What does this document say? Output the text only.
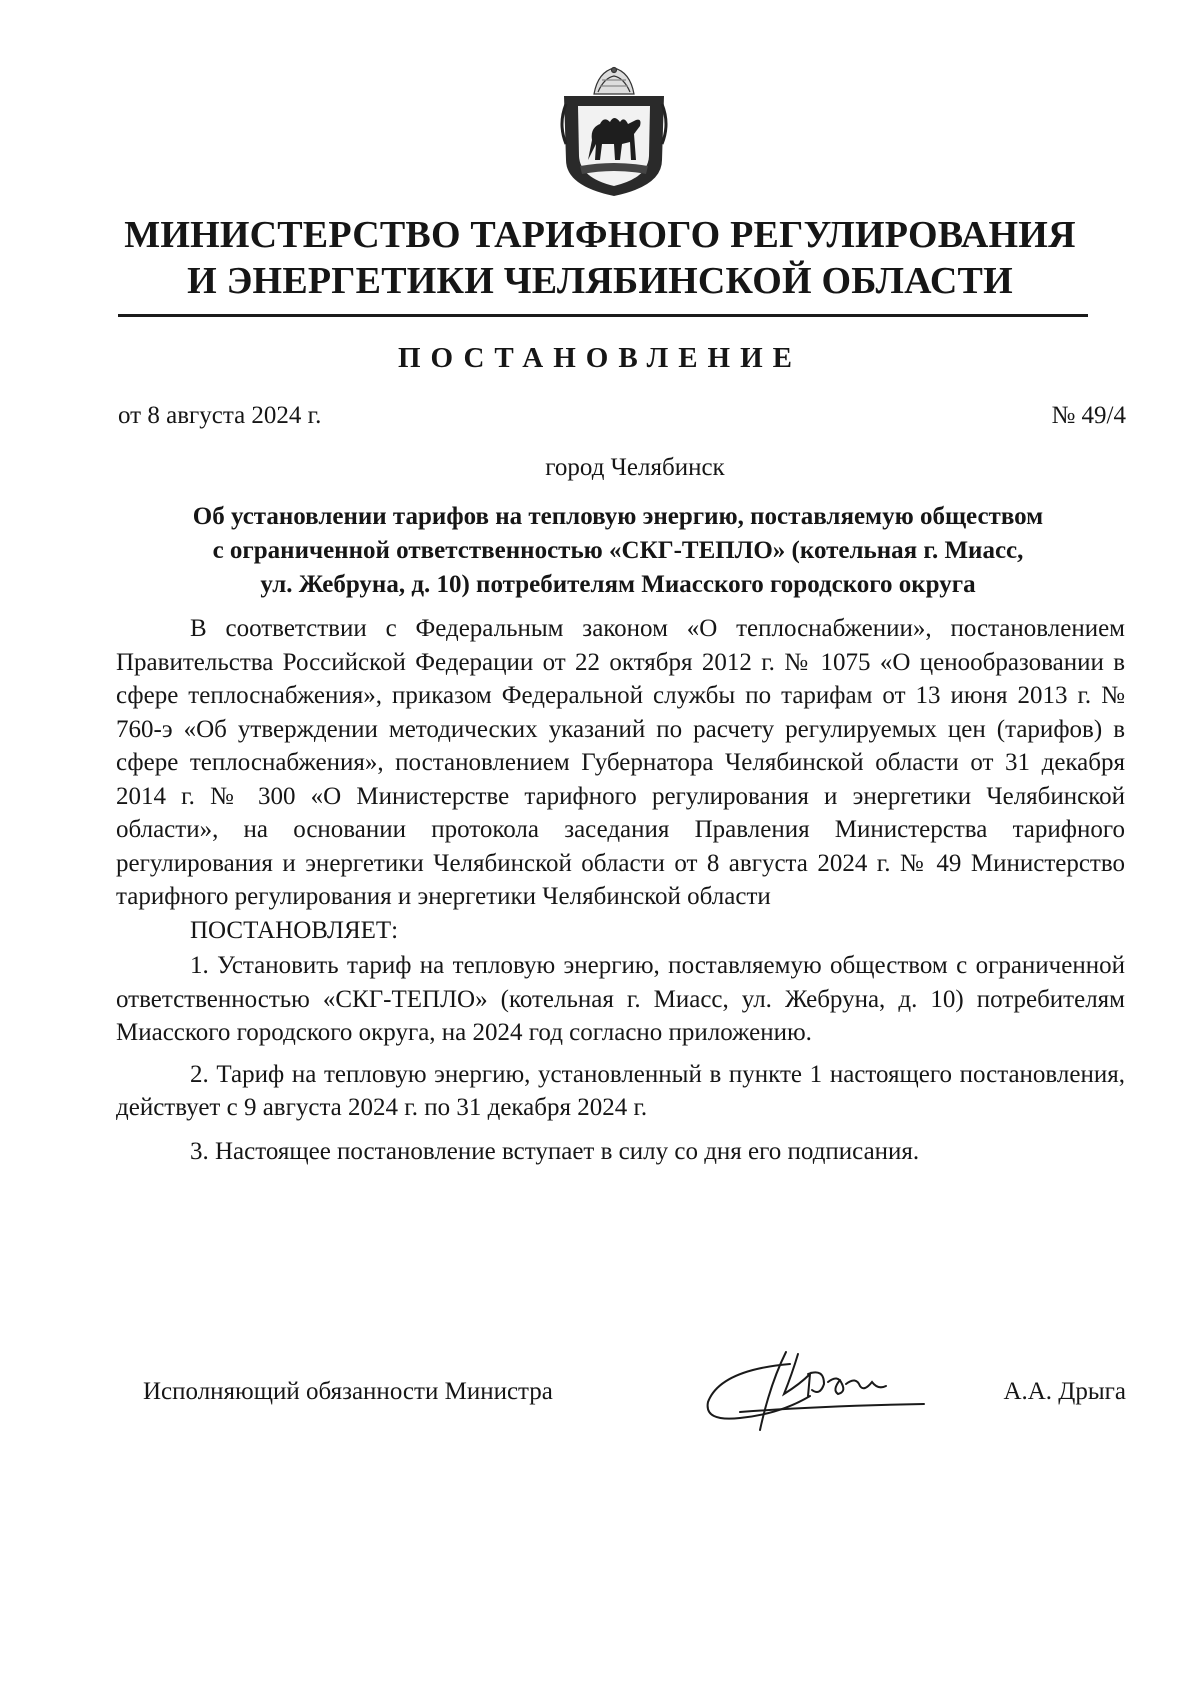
МИНИСТЕРСТВО ТАРИФНОГО РЕГУЛИРОВАНИЯ
И ЭНЕРГЕТИКИ ЧЕЛЯБИНСКОЙ ОБЛАСТИ
ПОСТАНОВЛЕНИЕ
от 8 августа 2024 г.	№ 49/4
город Челябинск
Об установлении тарифов на тепловую энергию, поставляемую обществом
с ограниченной ответственностью «СКГ-ТЕПЛО» (котельная г. Миасс,
ул. Жебруна, д. 10) потребителям Миасского городского округа

В соответствии с Федеральным законом «О теплоснабжении», постановлением Правительства Российской Федерации от 22 октября 2012 г. № 1075 «О ценообразовании в сфере теплоснабжения», приказом Федеральной службы по тарифам от 13 июня 2013 г. № 760-э «Об утверждении методических указаний по расчету регулируемых цен (тарифов) в сфере теплоснабжения», постановлением Губернатора Челябинской области от 31 декабря 2014 г. № 300 «О Министерстве тарифного регулирования и энергетики Челябинской области», на основании протокола заседания Правления Министерства тарифного регулирования и энергетики Челябинской области от 8 августа 2024 г. № 49 Министерство тарифного регулирования и энергетики Челябинской области

ПОСТАНОВЛЯЕТ:

1. Установить тариф на тепловую энергию, поставляемую обществом с ограниченной ответственностью «СКГ-ТЕПЛО» (котельная г. Миасс, ул. Жебруна, д. 10) потребителям Миасского городского округа, на 2024 год согласно приложению.

2. Тариф на тепловую энергию, установленный в пункте 1 настоящего постановления, действует с 9 августа 2024 г. по 31 декабря 2024 г.

3. Настоящее постановление вступает в силу со дня его подписания.

Исполняющий обязанности Министра	А.А. Дрыга
